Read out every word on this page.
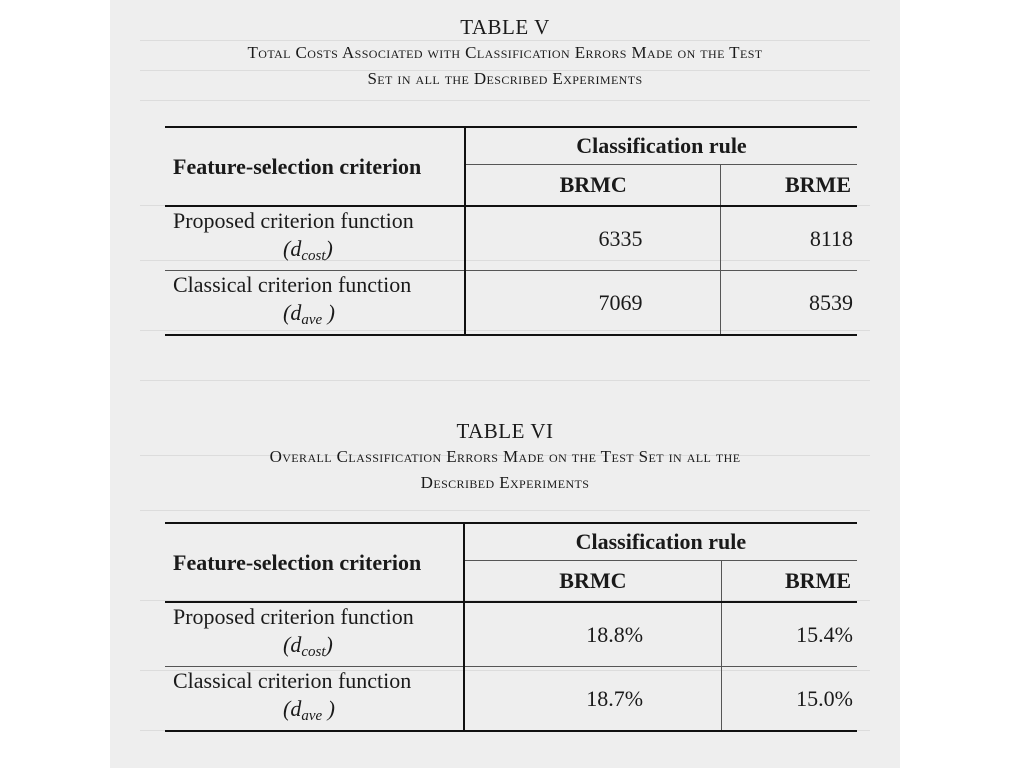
TABLE V

Total Costs Associated with Classification Errors Made on the Test

Set in all the Described Experiments

Feature-selection criterion	Classification rule	
	BRMC	BRME
Proposed criterion function
$(d_{cost})$	6335	8118
Classical criterion function
($d_{ave}$ )	7069	8539

TABLE VI

Overall Classification Errors Made on the Test Set in all the

Described Experiments

Feature-selection criterion	Classification rule	
	BRMC	BRME
Proposed criterion function
$(d_{cost})$	18.8%	15.4%
Classical criterion function
($d_{ave}$ )	18.7%	15.0%
